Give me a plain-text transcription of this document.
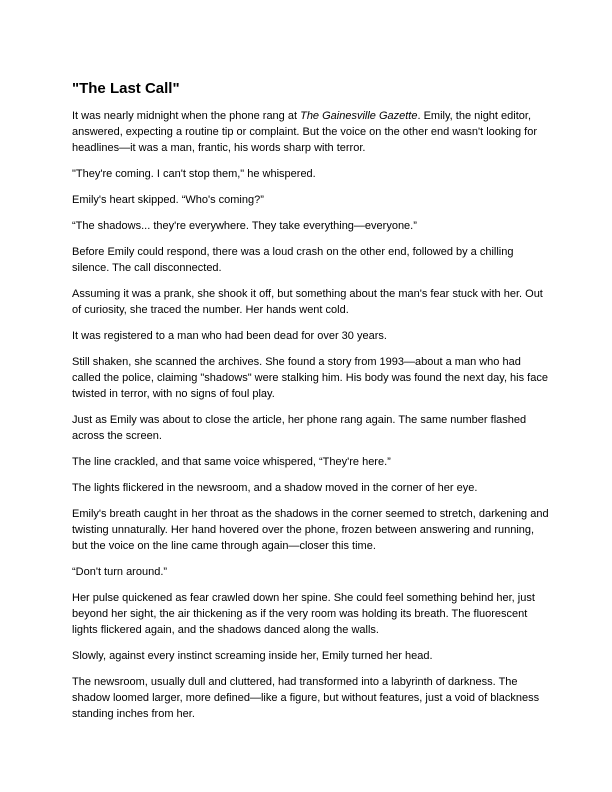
"The Last Call"

It was nearly midnight when the phone rang at The Gainesville Gazette. Emily, the night editor, answered, expecting a routine tip or complaint. But the voice on the other end wasn't looking for headlines—it was a man, frantic, his words sharp with terror.

"They're coming. I can't stop them," he whispered.

Emily's heart skipped. “Who's coming?”

“The shadows... they're everywhere. They take everything—everyone.”

Before Emily could respond, there was a loud crash on the other end, followed by a chilling silence. The call disconnected.

Assuming it was a prank, she shook it off, but something about the man's fear stuck with her. Out of curiosity, she traced the number. Her hands went cold.

It was registered to a man who had been dead for over 30 years.

Still shaken, she scanned the archives. She found a story from 1993—about a man who had called the police, claiming "shadows" were stalking him. His body was found the next day, his face twisted in terror, with no signs of foul play.

Just as Emily was about to close the article, her phone rang again. The same number flashed across the screen.

The line crackled, and that same voice whispered, “They're here.”

The lights flickered in the newsroom, and a shadow moved in the corner of her eye.

Emily's breath caught in her throat as the shadows in the corner seemed to stretch, darkening and twisting unnaturally. Her hand hovered over the phone, frozen between answering and running, but the voice on the line came through again—closer this time.

“Don't turn around.”

Her pulse quickened as fear crawled down her spine. She could feel something behind her, just beyond her sight, the air thickening as if the very room was holding its breath. The fluorescent lights flickered again, and the shadows danced along the walls.

Slowly, against every instinct screaming inside her, Emily turned her head.

The newsroom, usually dull and cluttered, had transformed into a labyrinth of darkness. The shadow loomed larger, more defined—like a figure, but without features, just a void of blackness standing inches from her.
